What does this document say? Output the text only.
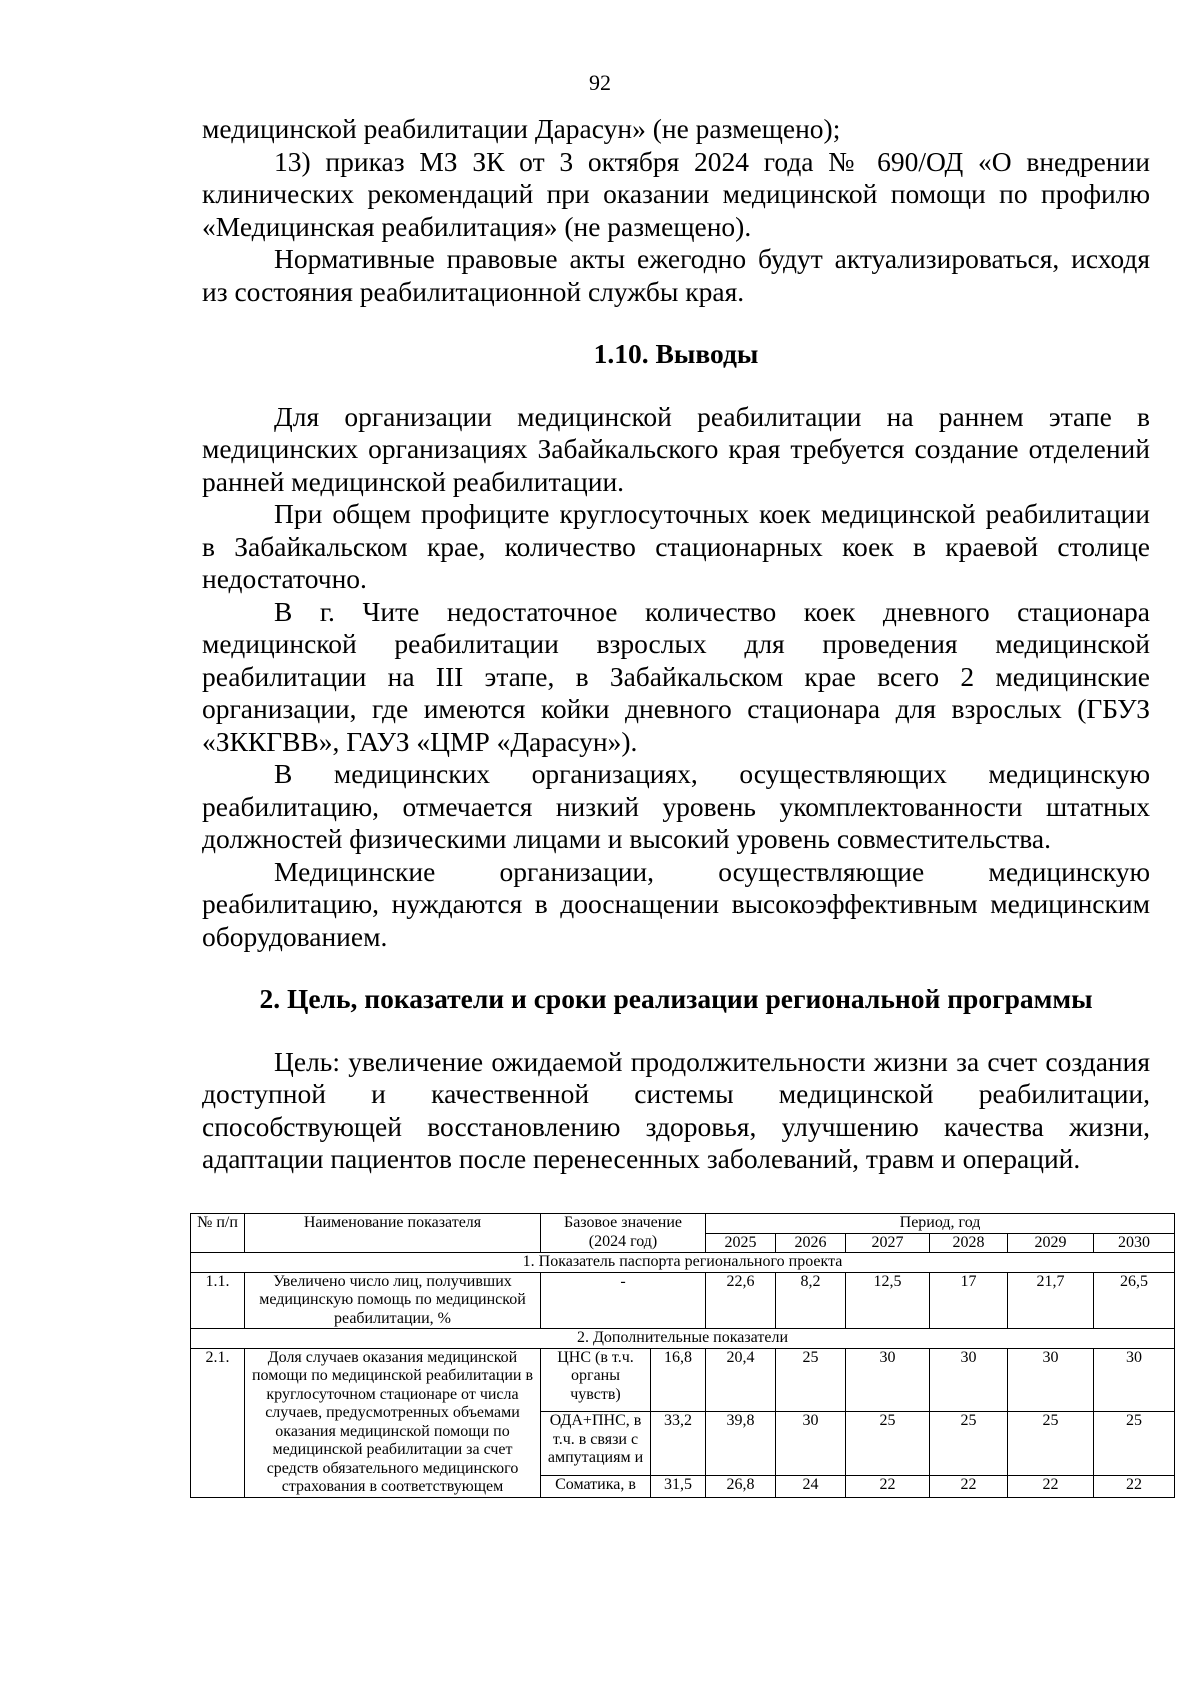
92

медицинской реабилитации Дарасун» (не размещено);

13) приказ МЗ ЗК от 3 октября 2024 года № 690/ОД «О внедрении клинических рекомендаций при оказании медицинской помощи по профилю «Медицинская реабилитация» (не размещено).

Нормативные правовые акты ежегодно будут актуализироваться, исходя из состояния реабилитационной службы края.

1.10. Выводы

Для организации медицинской реабилитации на раннем этапе в медицинских организациях Забайкальского края требуется создание отделений ранней медицинской реабилитации.

При общем профиците круглосуточных коек медицинской реабилитации в Забайкальском крае, количество стационарных коек в краевой столице недостаточно.

В г. Чите недостаточное количество коек дневного стационара медицинской реабилитации взрослых для проведения медицинской реабилитации на III этапе, в Забайкальском крае всего 2 медицинские организации, где имеются койки дневного стационара для взрослых (ГБУЗ «ЗККГВВ», ГАУЗ «ЦМР «Дарасун»).

В медицинских организациях, осуществляющих медицинскую реабилитацию, отмечается низкий уровень укомплектованности штатных должностей физическими лицами и высокий уровень совместительства.

Медицинские организации, осуществляющие медицинскую реабилитацию, нуждаются в дооснащении высокоэффективным медицинским оборудованием.

2. Цель, показатели и сроки реализации региональной программы

Цель: увеличение ожидаемой продолжительности жизни за счет создания доступной и качественной системы медицинской реабилитации, способствующей восстановлению здоровья, улучшению качества жизни, адаптации пациентов после перенесенных заболеваний, травм и операций.

№ п/п	Наименование показателя	Базовое значение (2024 год)		Период, год					
				2025	2026	2027	2028	2029	2030
1. Показатель паспорта регионального проекта									
1.1.	Увеличено число лиц, получивших медицинскую помощь по медицинской реабилитации, %	-		22,6	8,2	12,5	17	21,7	26,5
2. Дополнительные показатели									
2.1.	Доля случаев оказания медицинской помощи по медицинской реабилитации в круглосуточном стационаре от числа случаев, предусмотренных объемами оказания медицинской помощи по медицинской реабилитации за счет средств обязательного медицинского страхования в соответствующем	ЦНС (в т.ч. органы чувств)	16,8	20,4	25	30	30	30	30
		ОДА+ПНС, в т.ч. в связи с ампутациям и	33,2	39,8	30	25	25	25	25
		Соматика, в	31,5	26,8	24	22	22	22	22
